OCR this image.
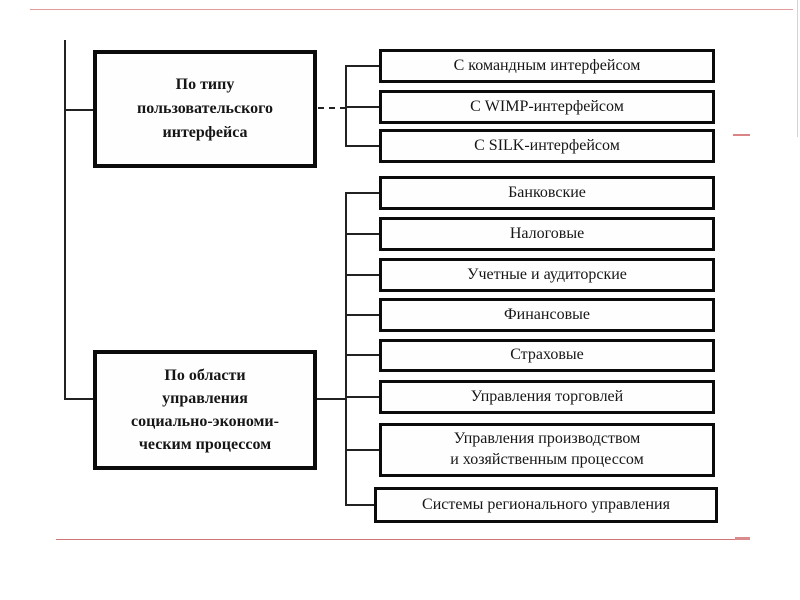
По типу
пользовательского
интерфейса
С командным интерфейсом
С WIMP-интерфейсом
С SILK-интерфейсом
По области
управления
социально-экономи-
ческим процессом
Банковские
Налоговые
Учетные и аудиторские
Финансовые
Страховые
Управления торговлей
Управления производством
и хозяйственным процессом
Системы регионального управления
